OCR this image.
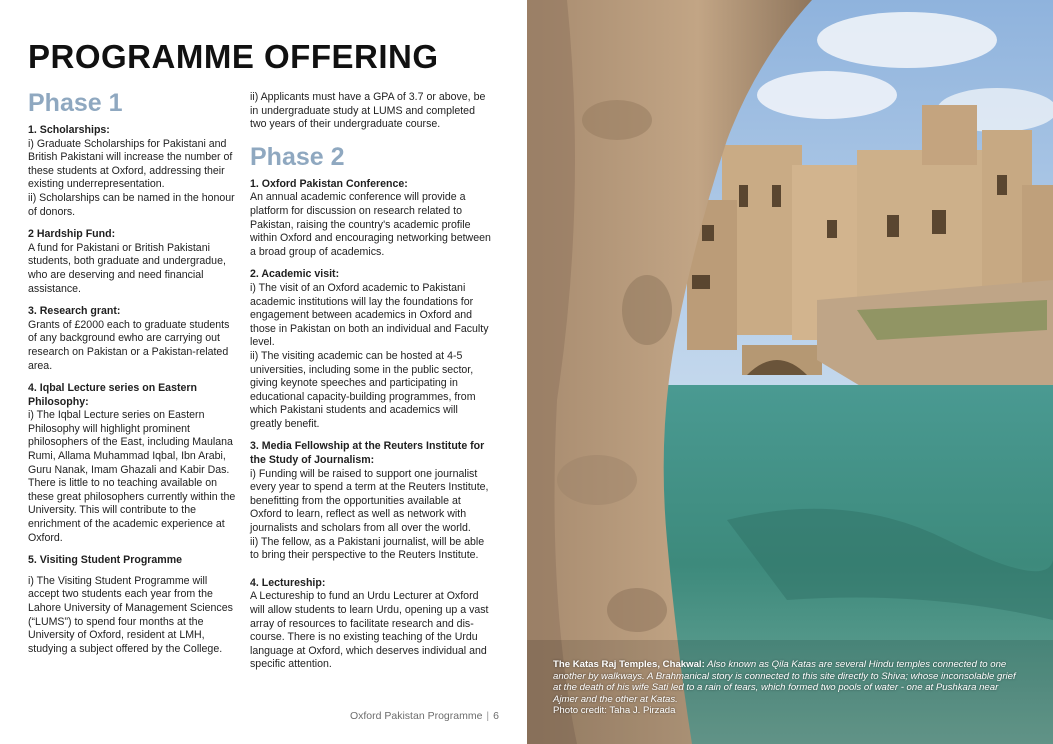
PROGRAMME OFFERING
Phase 1

1. Scholarships:

i) Graduate Scholarships for Pakistani and British Pakistani will increase the number of these students at Oxford, addressing their existing underrepresentation.
ii) Scholarships can be named in the honour of donors.

2 Hardship Fund:

A fund for Pakistani or British Pakistani students, both graduate and undergradue, who are deserving and need financial assistance.

3. Research grant:

Grants of £2000 each to graduate students of any background ewho are carrying out research on Pakistan or a Pakistan-related area.

4. Iqbal Lecture series on Eastern Philosophy:

i) The Iqbal Lecture series on Eastern Philosophy will highlight prominent philosophers of the East, including Maulana Rumi, Allama Muhammad Iqbal, Ibn Arabi, Guru Nanak, Imam Ghazali and Kabir Das. There is little to no teaching available on these great philosophers currently within the University. This will contribute to the enrichment of the academic experience at Oxford.

5. Visiting Student Programme

i) The Visiting Student Programme will accept two students each year from the Lahore University of Management Sciences (“LUMS”) to spend four months at the University of Oxford, resident at LMH, studying a subject offered by the College.

ii) Applicants must have a GPA of 3.7 or above, be in undergraduate study at LUMS and completed two years of their undergraduate course.

Phase 2

1. Oxford Pakistan Conference:

An annual academic conference will provide a platform for discussion on research related to Pakistan, raising the country's academic profile within Oxford and encouraging networking between a broad group of academics.

2. Academic visit:

i) The visit of an Oxford academic to Pakistani academic institutions will lay the foundations for engagement between academics in Oxford and those in Pakistan on both an individual and Faculty level.
ii) The visiting academic can be hosted at 4-5 universities, including some in the public sector, giving keynote speeches and participating in educational capacity-building programmes, from which Pakistani students and academics will greatly benefit.

3. Media Fellowship at the Reuters Institute for the Study of Journalism:

i) Funding will be raised to support one journalist every year to spend a term at the Reuters Institute, benefitting from the opportunities available at Oxford to learn, reflect as well as network with journalists and scholars from all over the world.
ii) The fellow, as a Pakistani journalist, will be able to bring their perspective to the Reuters Institute.

4. Lectureship:

A Lectureship to fund an Urdu Lecturer at Oxford will allow students to learn Urdu, opening up a vast array of resources to facilitate research and dis-course. There is no existing teaching of the Urdu language at Oxford, which deserves individual and specific attention.

Oxford Pakistan Programme | 6
The Katas Raj Temples, Chakwal: Also known as Qila Katas are several Hindu temples connected to one another by walkways. A Brahmanical story is connected to this site directly to Shiva; whose inconsolable grief at the death of his wife Sati led to a rain of tears, which formed two pools of water - one at Pushkara near Ajmer and the other at Katas.
Photo credit: Taha J. Pirzada
